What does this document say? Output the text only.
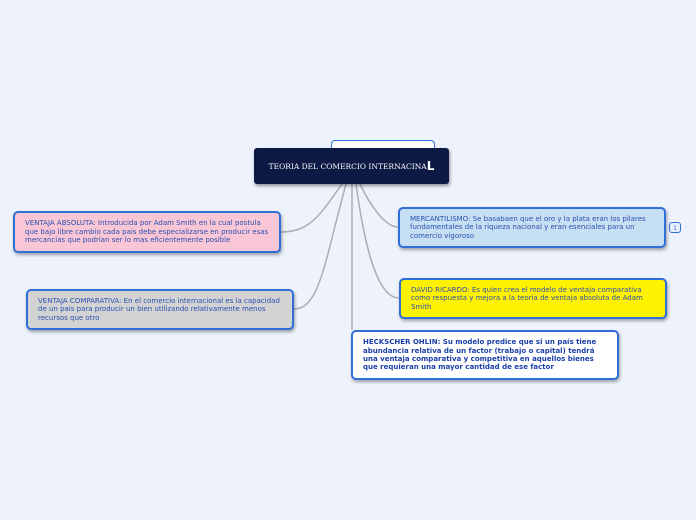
TEORIA DEL COMERCIO INTERNACINA L
VENTAJA ABSOLUTA: Introducida por Adam Smith en la cual postula que bajo libre cambio cada pais debe especializarse en producir esas mercancias que podrian ser lo mas eficientemente posible
VENTAJA COMPARATIVA: En el comercio internacional es la capacidad de un pais para producir un bien utilizando relativamente menos recursos que otro
MERCANTILISMO: Se basabaen que el oro y la plata eran los pilares fundamentales de la riqueza nacional y eran esenciales para un comercio vigoroso
1
DAVID RICARDO: Es quien crea el modelo de ventaja comparativa como respuesta y mejora a la teoria de ventaja absoluta de Adam Smith
HECKSCHER OHLIN: Su modelo predice que si un país tiene abundancia relativa de un factor (trabajo o capital) tendrá una ventaja comparativa y competitiva en aquellos bienes que requieran una mayor cantidad de ese factor
